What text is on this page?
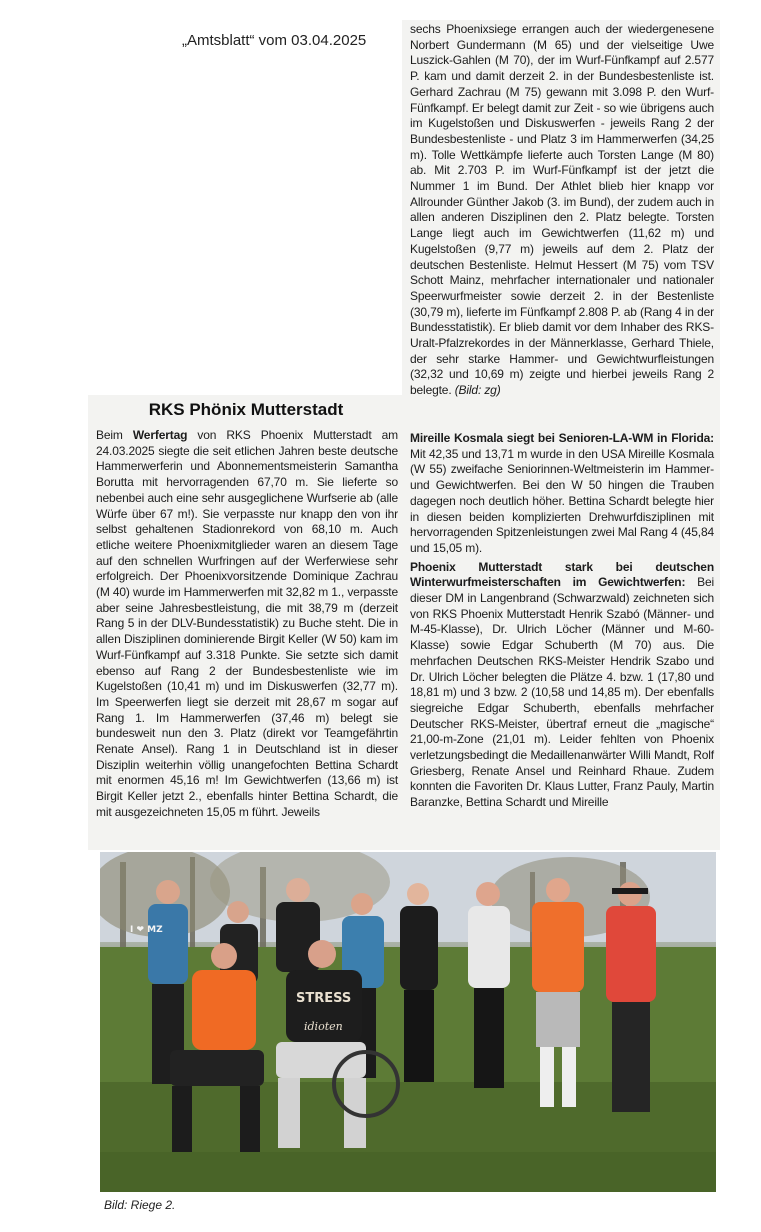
„Amtsblatt“ vom 03.04.2025

sechs Phoenixsiege errangen auch der wiedergenesene Norbert Gundermann (M 65) und der vielseitige Uwe Luszick-Gahlen (M 70), der im Wurf-Fünfkampf auf 2.577 P. kam und damit derzeit 2. in der Bundesbestenliste ist. Gerhard Zachrau (M 75) gewann mit 3.098 P. den Wurf-Fünfkampf. Er belegt damit zur Zeit - so wie übrigens auch im Kugelstoßen und Diskuswerfen - jeweils Rang 2 der Bundesbestenliste - und Platz 3 im Hammerwerfen (34,25 m). Tolle Wettkämpfe lieferte auch Torsten Lange (M 80) ab. Mit 2.703 P. im Wurf-Fünfkampf ist der jetzt die Nummer 1 im Bund. Der Athlet blieb hier knapp vor Allrounder Günther Jakob (3. im Bund), der zudem auch in allen anderen Disziplinen den 2. Platz belegte. Torsten Lange liegt auch im Gewichtwerfen (11,62 m) und Kugelstoßen (9,77 m) jeweils auf dem 2. Platz der deutschen Bestenliste. Helmut Hessert (M 75) vom TSV Schott Mainz, mehrfacher internationaler und nationaler Speerwurfmeister sowie derzeit 2. in der Bestenliste (30,79 m), lieferte im Fünfkampf 2.808 P. ab (Rang 4 in der Bundesstatistik). Er blieb damit vor dem Inhaber des RKS-Uralt-Pfalzrekordes in der Männerklasse, Gerhard Thiele, der sehr starke Hammer- und Gewichtwurfleistungen (32,32 und 10,69 m) zeigte und hierbei jeweils Rang 2 belegte. (Bild: zg)

RKS Phönix Mutterstadt

Beim Werfertag von RKS Phoenix Mutterstadt am 24.03.2025 siegte die seit etlichen Jahren beste deutsche Hammerwerferin und Abonnementsmeisterin Samantha Borutta mit hervorragenden 67,70 m. Sie lieferte so nebenbei auch eine sehr ausgeglichene Wurfserie ab (alle Würfe über 67 m!). Sie verpasste nur knapp den von ihr selbst gehaltenen Stadionrekord von 68,10 m. Auch etliche weitere Phoenixmitglieder waren an diesem Tage auf den schnellen Wurfringen auf der Werferwiese sehr erfolgreich. Der Phoenixvorsitzende Dominique Zachrau (M 40) wurde im Hammerwerfen mit 32,82 m 1., verpasste aber seine Jahresbestleistung, die mit 38,79 m (derzeit Rang 5 in der DLV-Bundesstatistik) zu Buche steht. Die in allen Disziplinen dominierende Birgit Keller (W 50) kam im Wurf-Fünfkampf auf 3.318 Punkte. Sie setzte sich damit ebenso auf Rang 2 der Bundesbestenliste wie im Kugelstoßen (10,41 m) und im Diskuswerfen (32,77 m). Im Speerwerfen liegt sie derzeit mit 28,67 m sogar auf Rang 1. Im Hammerwerfen (37,46 m) belegt sie bundesweit nun den 3. Platz (direkt vor Teamgefährtin Renate Ansel). Rang 1 in Deutschland ist in dieser Disziplin weiterhin völlig unangefochten Bettina Schardt mit enormen 45,16 m! Im Gewichtwerfen (13,66 m) ist Birgit Keller jetzt 2., ebenfalls hinter Bettina Schardt, die mit ausgezeichneten 15,05 m führt. Jeweils

Mireille Kosmala siegt bei Senioren-LA-WM in Florida: Mit 42,35 und 13,71 m wurde in den USA Mireille Kosmala (W 55) zweifache Seniorinnen-Weltmeisterin im Hammer- und Gewichtwerfen. Bei den W 50 hingen die Trauben dagegen noch deutlich höher. Bettina Schardt belegte hier in diesen beiden komplizierten Drehwurfdisziplinen mit hervorragenden Spitzenleistungen zwei Mal Rang 4 (45,84 und 15,05 m).

Phoenix Mutterstadt stark bei deutschen Winterwurfmeisterschaften im Gewichtwerfen: Bei dieser DM in Langenbrand (Schwarzwald) zeichneten sich von RKS Phoenix Mutterstadt Henrik Szabó (Männer- und M-45-Klasse), Dr. Ulrich Löcher (Männer und M-60-Klasse) sowie Edgar Schuberth (M 70) aus. Die mehrfachen Deutschen RKS-Meister Hendrik Szabo und Dr. Ulrich Löcher belegten die Plätze 4. bzw. 1 (17,80 und 18,81 m) und 3 bzw. 2 (10,58 und 14,85 m). Der ebenfalls siegreiche Edgar Schuberth, ebenfalls mehrfacher Deutscher RKS-Meister, übertraf erneut die „magische“ 21,00-m-Zone (21,01 m). Leider fehlten von Phoenix verletzungsbedingt die Medaillenanwärter Willi Mandt, Rolf Griesberg, Renate Ansel und Reinhard Rhaue. Zudem konnten die Favoriten Dr. Klaus Lutter, Franz Pauly, Martin Baranzke, Bettina Schardt und Mireille

STRESS
idioten
I ❤ MZ
Bild: Riege 2.
